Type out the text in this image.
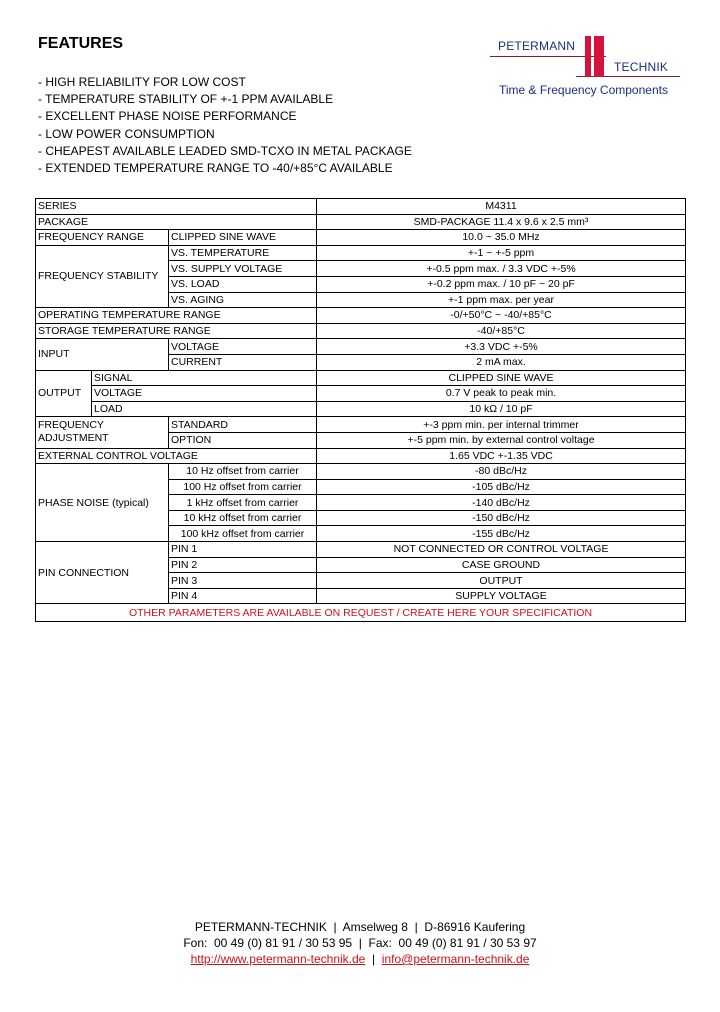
FEATURES	PETERMANN
TECHNIK
Time & Frequency Components
- HIGH RELIABILITY FOR LOW COST
- TEMPERATURE STABILITY OF +-1 PPM AVAILABLE
- EXCELLENT PHASE NOISE PERFORMANCE
- LOW POWER CONSUMPTION
- CHEAPEST AVAILABLE LEADED SMD-TCXO IN METAL PACKAGE
- EXTENDED TEMPERATURE RANGE TO -40/+85°C AVAILABLE
SERIES			M4311
PACKAGE			SMD-PACKAGE 11.4 x 9.6 x 2.5 mm³
FREQUENCY RANGE		CLIPPED SINE WAVE	10.0 ~ 35.0 MHz
FREQUENCY STABILITY		VS. TEMPERATURE	+-1 ~ +-5 ppm
		VS. SUPPLY VOLTAGE	+-0.5 ppm max. / 3.3 VDC +-5%
		VS. LOAD	+-0.2 ppm max. / 10 pF ~ 20 pF
		VS. AGING	+-1 ppm max. per year
OPERATING TEMPERATURE RANGE			-0/+50°C ~ -40/+85°C
STORAGE TEMPERATURE RANGE			-40/+85°C
INPUT		VOLTAGE	+3.3 VDC +-5%
		CURRENT	2 mA max.
OUTPUT	SIGNAL		CLIPPED SINE WAVE
	VOLTAGE		0.7 V peak to peak min.
	LOAD		10 kΩ / 10 pF
FREQUENCY
ADJUSTMENT		STANDARD	+-3 ppm min. per internal trimmer
		OPTION	+-5 ppm min. by external control voltage
EXTERNAL CONTROL VOLTAGE			1.65 VDC +-1.35 VDC
PHASE NOISE (typical)		10 Hz offset from carrier	-80 dBc/Hz
		100 Hz offset from carrier	-105 dBc/Hz
		1 kHz offset from carrier	-140 dBc/Hz
		10 kHz offset from carrier	-150 dBc/Hz
		100 kHz offset from carrier	-155 dBc/Hz
PIN CONNECTION		PIN 1	NOT CONNECTED OR CONTROL VOLTAGE
		PIN 2	CASE GROUND
		PIN 3	OUTPUT
		PIN 4	SUPPLY VOLTAGE
OTHER PARAMETERS ARE AVAILABLE ON REQUEST / CREATE HERE YOUR SPECIFICATION			
PETERMANN-TECHNIK  |  Amselweg 8  |  D-86916 Kaufering
Fon:  00 49 (0) 81 91 / 30 53 95  |  Fax:  00 49 (0) 81 91 / 30 53 97
http://www.petermann-technik.de  |  info@petermann-technik.de
